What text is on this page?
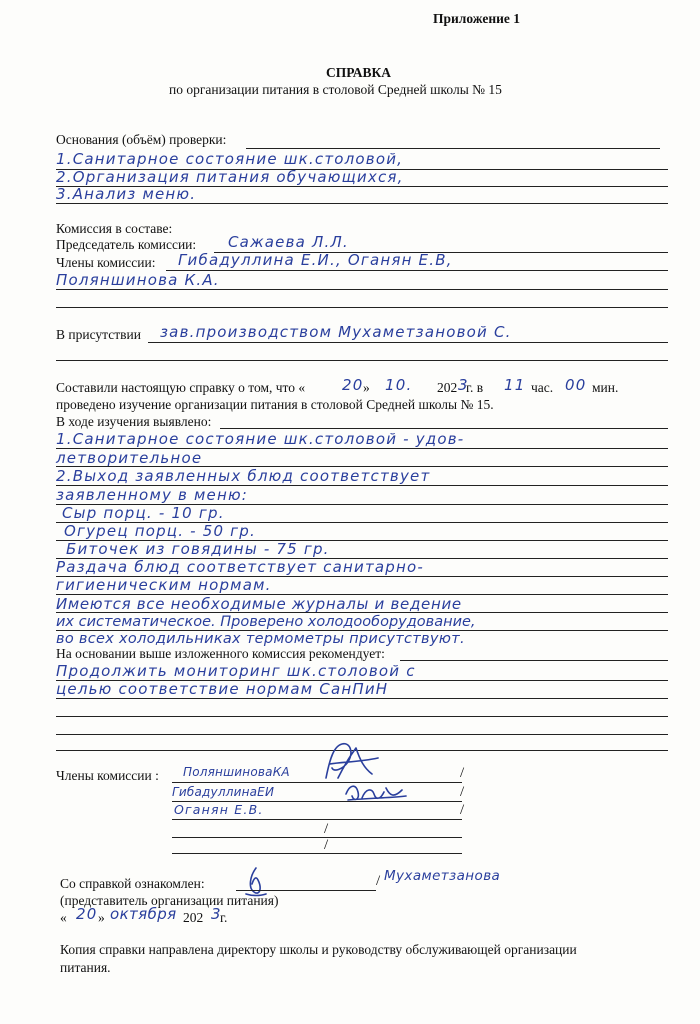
Приложение 1
СПРАВКА
по организации питания в столовой Средней школы № 15
Основания (объём) проверки:
1.Санитарное состояние шк.столовой,
2.Организация питания обучающихся,
3.Анализ меню.
Комиссия в составе:
Председатель комиссии: Сажаева Л.Л.
Члены комиссии: Гибадуллина Е.И., Оганян Е.В,
Поляншинова К.А.
В присутствии зав.производством Мухаметзановой С.
Составили настоящую справку о том, что « 20 » 10. 202 3
г. в 11 час. 00 мин.
проведено изучение организации питания в столовой Средней школы № 15.
В ходе изучения выявлено:
1.Санитарное состояние шк.столовой - удов-
летворительное
2.Выход заявленных блюд соответствует
заявленному в меню:
Сыр порц. - 10 гр.
Огурец порц. - 50 гр.
Биточек из говядины - 75 гр.
Раздача блюд соответствует санитарно-
гигиеническим нормам.
Имеются все необходимые журналы и ведение
их систематическое. Проверено холодооборудование,
во всех холодильниках термометры присутствуют.
На основании выше изложенного комиссия рекомендует:
Продолжить мониторинг шк.столовой с
целью соответствие нормам СанПиН
Члены комиссии : ПоляншиноваКА	/
ГибадуллинаЕИ	/
Оганян Е.В.	/
/
/
Со справкой ознакомлен:	/ Мухаметзанова
(представитель организации питания)
« 20 » октября 202 3
г.
Копия справки направлена директору школы и руководству обслуживающей организации
питания.
